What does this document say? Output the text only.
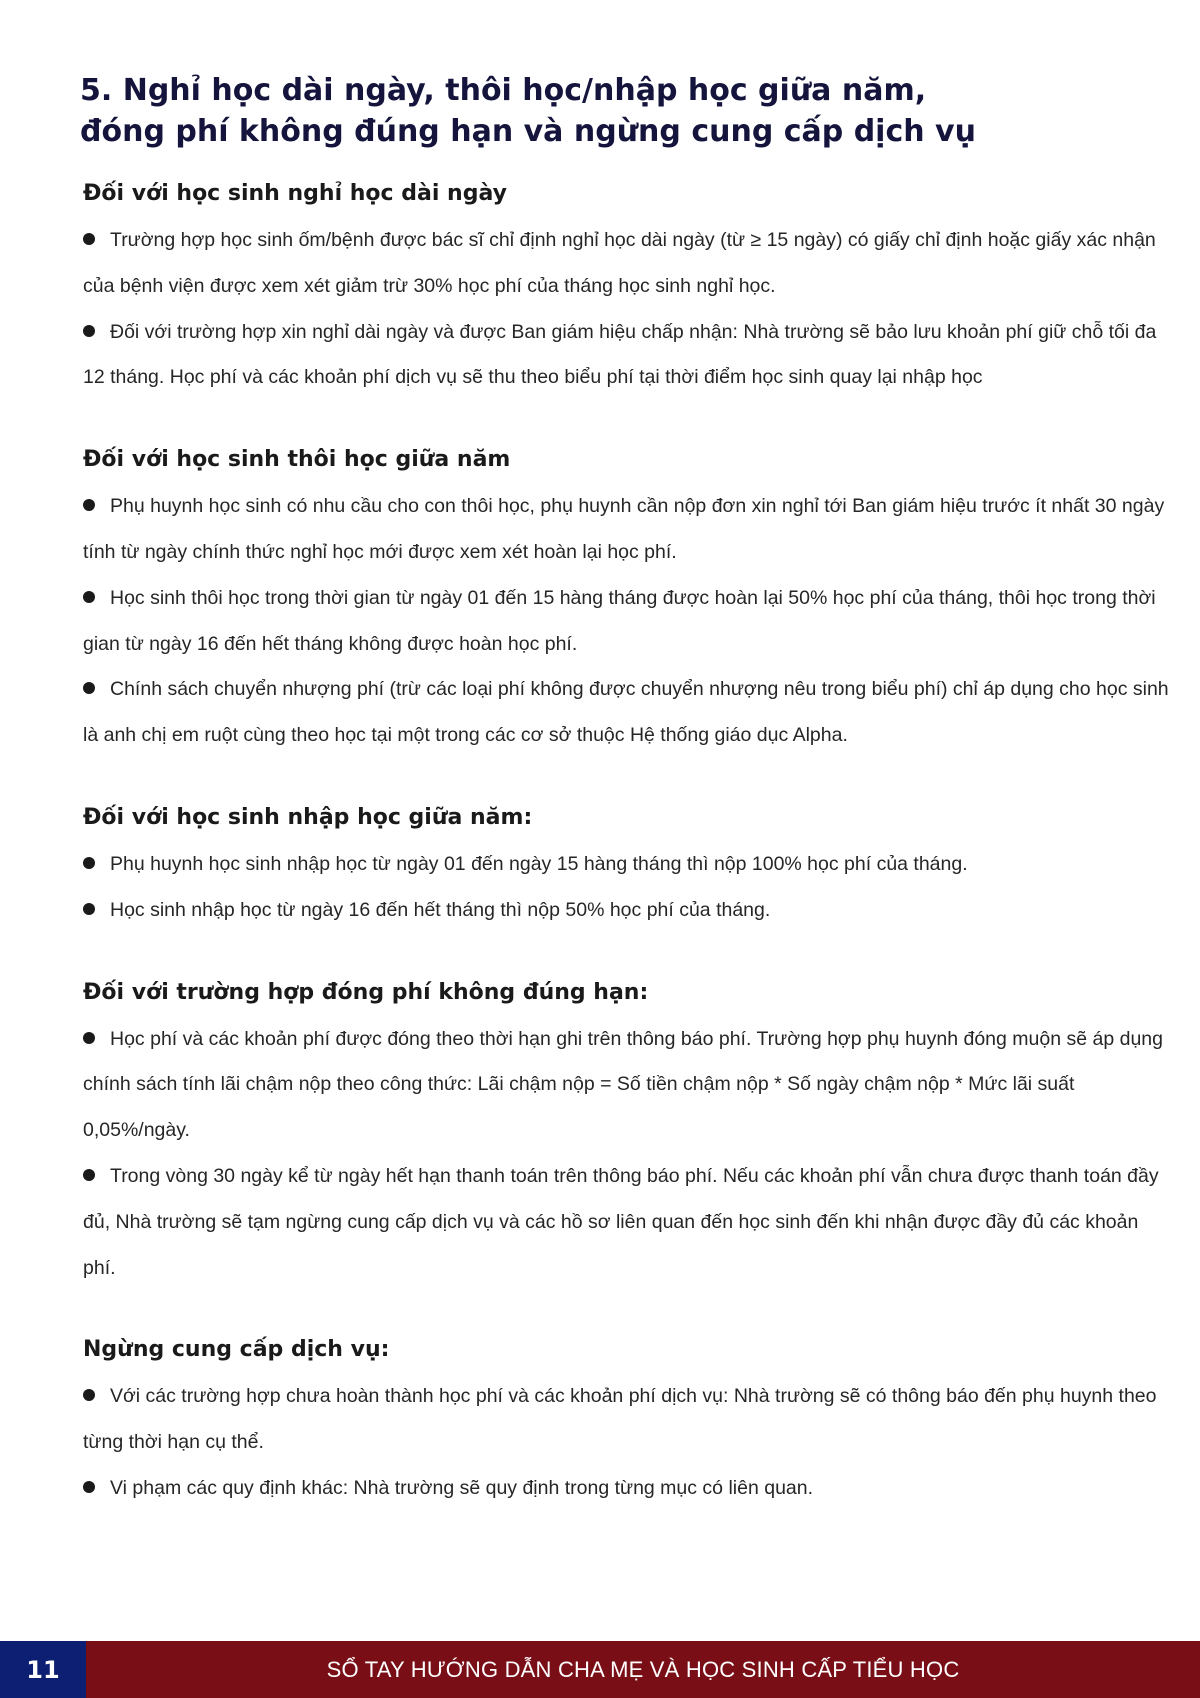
5. Nghỉ học dài ngày, thôi học/nhập học giữa năm,
đóng phí không đúng hạn và ngừng cung cấp dịch vụ
Đối với học sinh nghỉ học dài ngày
Trường hợp học sinh ốm/bệnh được bác sĩ chỉ định nghỉ học dài ngày (từ ≥ 15 ngày) có giấy chỉ định hoặc giấy xác nhận của bệnh viện được xem xét giảm trừ 30% học phí của tháng học sinh nghỉ học.
Đối với trường hợp xin nghỉ dài ngày và được Ban giám hiệu chấp nhận: Nhà trường sẽ bảo lưu khoản phí giữ chỗ tối đa 12 tháng. Học phí và các khoản phí dịch vụ sẽ thu theo biểu phí tại thời điểm học sinh quay lại nhập học
Đối với học sinh thôi học giữa năm
Phụ huynh học sinh có nhu cầu cho con thôi học, phụ huynh cần nộp đơn xin nghỉ tới Ban giám hiệu trước ít nhất 30 ngày tính từ ngày chính thức nghỉ học mới được xem xét hoàn lại học phí.
Học sinh thôi học trong thời gian từ ngày 01 đến 15 hàng tháng được hoàn lại 50% học phí của tháng, thôi học trong thời gian từ ngày 16 đến hết tháng không được hoàn học phí.
Chính sách chuyển nhượng phí (trừ các loại phí không được chuyển nhượng nêu trong biểu phí) chỉ áp dụng cho học sinh là anh chị em ruột cùng theo học tại một trong các cơ sở thuộc Hệ thống giáo dục Alpha.
Đối với học sinh nhập học giữa năm:
Phụ huynh học sinh nhập học từ ngày 01 đến ngày 15 hàng tháng thì nộp 100% học phí của tháng.
Học sinh nhập học từ ngày 16 đến hết tháng thì nộp 50% học phí của tháng.
Đối với trường hợp đóng phí không đúng hạn:
Học phí và các khoản phí được đóng theo thời hạn ghi trên thông báo phí. Trường hợp phụ huynh đóng muộn sẽ áp dụng chính sách tính lãi chậm nộp theo công thức: Lãi chậm nộp = Số tiền chậm nộp * Số ngày chậm nộp * Mức lãi suất 0,05%/ngày.
Trong vòng 30 ngày kể từ ngày hết hạn thanh toán trên thông báo phí. Nếu các khoản phí vẫn chưa được thanh toán đầy đủ, Nhà trường sẽ tạm ngừng cung cấp dịch vụ và các hồ sơ liên quan đến học sinh đến khi nhận được đầy đủ các khoản phí.
Ngừng cung cấp dịch vụ:
Với các trường hợp chưa hoàn thành học phí và các khoản phí dịch vụ: Nhà trường sẽ có thông báo đến phụ huynh theo từng thời hạn cụ thể.
Vi phạm các quy định khác: Nhà trường sẽ quy định trong từng mục có liên quan.
11	SỔ TAY HƯỚNG DẪN CHA MẸ VÀ HỌC SINH CẤP TIỂU HỌC
